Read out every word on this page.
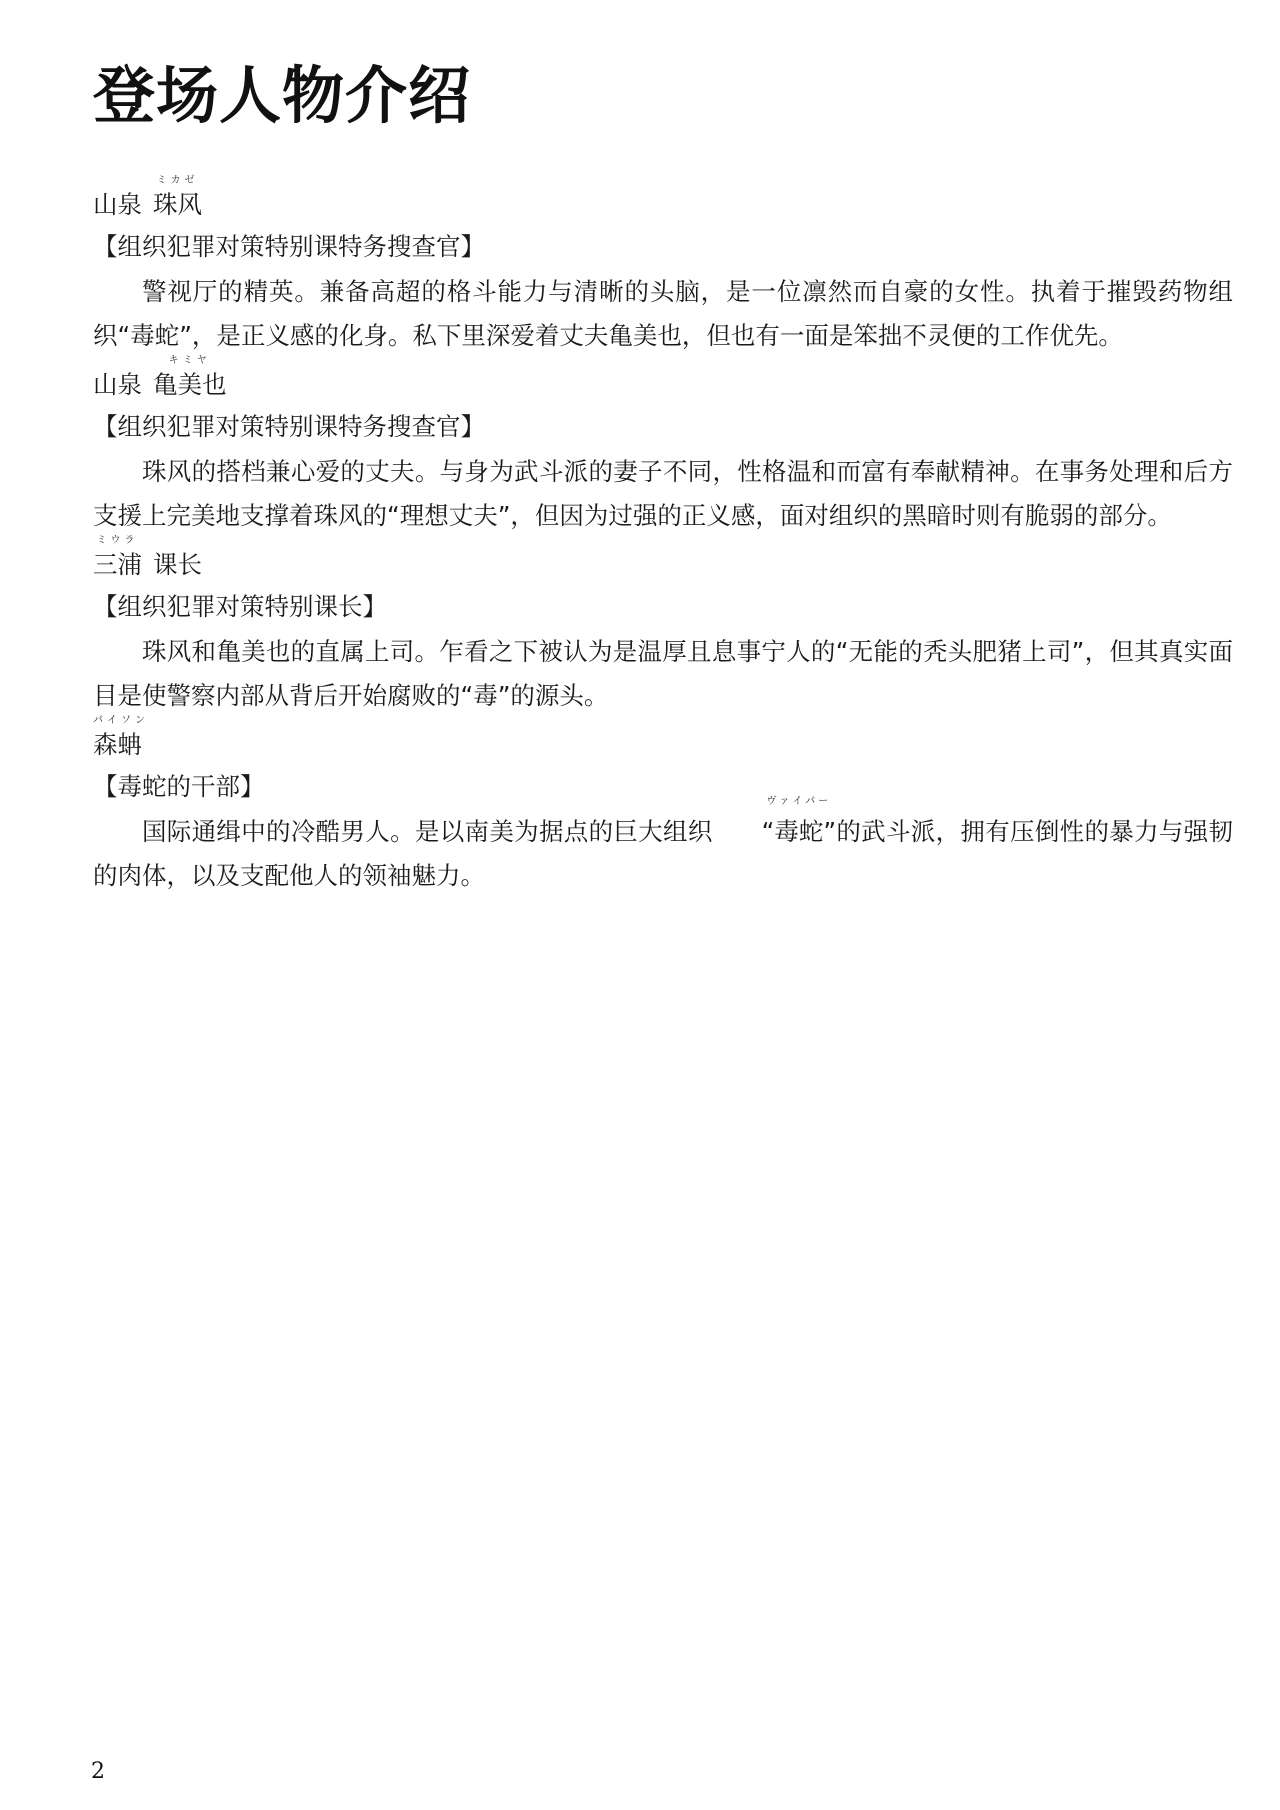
登场人物介绍
山泉
ミカゼ
珠风
【组织犯罪对策特别课特务搜查官】

警视厅的精英。兼备高超的格斗能力与清晰的头脑，是一位凛然而自豪的女性。执着于摧毁药物组织“毒蛇”，是正义感的化身。私下里深爱着丈夫亀美也，但也有一面是笨拙不灵便的工作优先。

山泉
キミヤ
亀美也
【组织犯罪对策特别课特务搜查官】

珠风的搭档兼心爱的丈夫。与身为武斗派的妻子不同，性格温和而富有奉献精神。在事务处理和后方支援上完美地支撑着珠风的“理想丈夫”，但因为过强的正义感，面对组织的黑暗时则有脆弱的部分。

ミウラ
三浦 课长
【组织犯罪对策特别课长】

珠风和亀美也的直属上司。乍看之下被认为是温厚且息事宁人的“无能的秃头肥猪上司”，但其真实面目是使警察内部从背后开始腐败的“毒”的源头。

パイソン
森蚺
【毒蛇的干部】

国际通缉中的冷酷男人。是以南美为据点的巨大组织
ヴァイパー
“毒蛇”的武斗派，拥有压倒性的暴力与强韧的肉体，以及支配他人的领袖魅力。

2
